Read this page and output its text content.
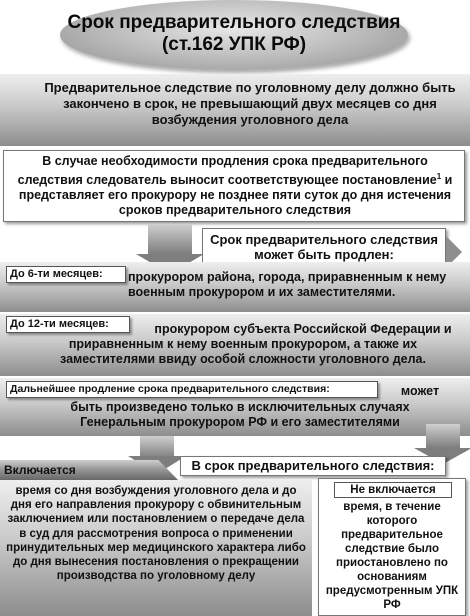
Срок предварительного следствия (ст.162 УПК РФ)
Предварительное следствие по уголовному делу должно быть закончено в срок, не превышающий двух месяцев со дня возбуждения уголовного дела
В случае необходимости продления срока предварительного следствия следователь выносит соответствующее постановление$^1$ и представляет его прокурору не позднее пяти суток до дня истечения сроков предварительного следствия
Срок предварительного следствия может быть продлен:
До 6-ти месяцев:	прокурором района, города, приравненным к нему военным прокурором и их заместителями.
До 12-ти месяцев:	прокурором субъекта Российской Федерации и приравненным к нему военным прокурором, а также их заместителями ввиду особой сложности уголовного дела.
Дальнейшее продление срока предварительного следствия:	может
быть произведено только в исключительных случаях Генеральным прокурором РФ и его заместителями
В срок предварительного следствия:
Включается
время со дня возбуждения уголовного дела и до дня его направления прокурору с обвинительным заключением или постановлением о передаче дела в суд для рассмотрения вопроса о применении принудительных мер медицинского характера либо до дня вынесения постановления о прекращении производства по уголовному делу
Не включается
время, в течение которого предварительное следствие было приостановлено по основаниям предусмотренным УПК РФ
